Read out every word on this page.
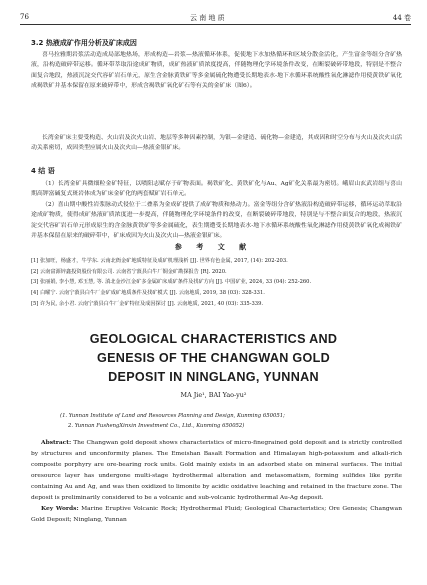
76	云 南 地 质	44 卷
3.2 热液成矿作用分析及矿床成因
喜马拉雅期岩浆活动造成局部地热场，形成构造—岩浆—热液循环体系，促使地下水加热循环和区域分散金活化，产生富金等组分含矿热液，沿构造破碎带运移。循环带萃取沿途成矿物质，成矿热液矿质浓度提高，伴随物理化学环境条件改变，在断裂破碎带地段，特别是不整合面复合地段，热液沉淀交代容矿岩石单元，原生含金脉黄铁矿等多金属硫化物遭受长期地表水-地下水循环系统酸性氧化淋滤作用使黄铁矿氧化成褐铁矿并基本保留在原来破碎带中，形成含褐铁矿氧化矿石等有关的金矿床（图6）。
长湾金矿床主要受构造、火山岩及次火山岩、地层等多种因素控制，为银—金建造、硫化物—金建造，其成因和时空分布与火山及次火山活动关系密切，成因类型应属火山及次火山—热液金银矿床。
4 结 语
（1）长湾金矿具微细粒金矿特征，以喷阳志赋存于矿物表面。褐铁矿化、黄铁矿化与Au、Ag矿化关系最为密切。峨眉山玄武岩组与喜山期高钾富碱复式斑岩体成为矿床金矿化的两套赋矿岩石单元。
（2）喜山期中酸性岩浆脉动式侵位于二叠系为金成矿提供了成矿物质和热动力。富金等组分含矿热液沿构造破碎带运移，循环运动萃取沿途成矿物质，使得成矿热液矿质浓度进一步提高，伴随物理化学环境条件的改变，在断裂破碎带地段，特别是与不整合面复合的地段，热液沉淀交代容矿岩石单元形成原生的含金脉黄铁矿等多金属硫化，表生期遭受长期地表水-地下水循环系统酸性氧化淋滤作用使黄铁矿氧化成褐铁矿并基本保留在原来的破碎带中，矿床成因为火山及次火山—热液金银矿床。
参 考 文 献
[1] 张加旺，杨盛才，牛学东. 云南北衙金矿地质特征及成矿机理浅析 [J]. 世界有色金属, 2017, (14): 202-203.
[2] 云南富源锌鑫投资股份有限公司. 云南省宁蒗县白牛厂铜金矿勘探报告 [R]. 2020.
[3] 张丽娟, 李小慧, 邓玉慧, 等. 滇北金沙江金矿多金属矿床成矿条件及找矿方向 [J]. 中国矿业, 2024, 33 (04): 252-260.
[4] 白曜宁. 云南宁蒗县白牛厂金矿成矿地质条件及找矿模式 [J]. 云南地质, 2019, 38 (03): 328-331.
[5] 许为民, 余小君. 云南宁蒗县白牛厂金矿特征及成因探讨 [J]. 云南地质, 2021, 40 (03): 335-339.
GEOLOGICAL CHARACTERISTICS AND
GENESIS OF THE CHANGWAN GOLD
DEPOSIT IN NINGLANG, YUNNAN
MA Jie¹, BAI Yao-yu²
(1. Yunnan Institute of Land and Resources Planning and Design, Kunming 650051;
2. Yunnan FushengXinxin Investment Co., Ltd., Kunming 650052)
Abstract: The Changwan gold deposit shows characteristics of micro-finegrained gold deposit and is strictly controlled by structures and unconformity planes. The Emeishan Basalt Formation and Himalayan high-potassium and alkali-rich composite porphyry are ore-bearing rock units. Gold mainly exists in an adsorbed state on mineral surfaces. The initial oresource layer has undergone multi-stage hydrothermal alteration and metasomatism, forming sulfides like pyrite containing Au and Ag, and was then oxidized to limonite by acidic oxidative leaching and retained in the fracture zone. The deposit is preliminarily considered to be a volcanic and sub-volcanic hydrothermal Au-Ag deposit.
Key Words: Marine Eruptive Volcanic Rock; Hydrothermal Fluid; Geological Characteristics; Ore Genesis; Changwan Gold Deposit; Ninglang, Yunnan
